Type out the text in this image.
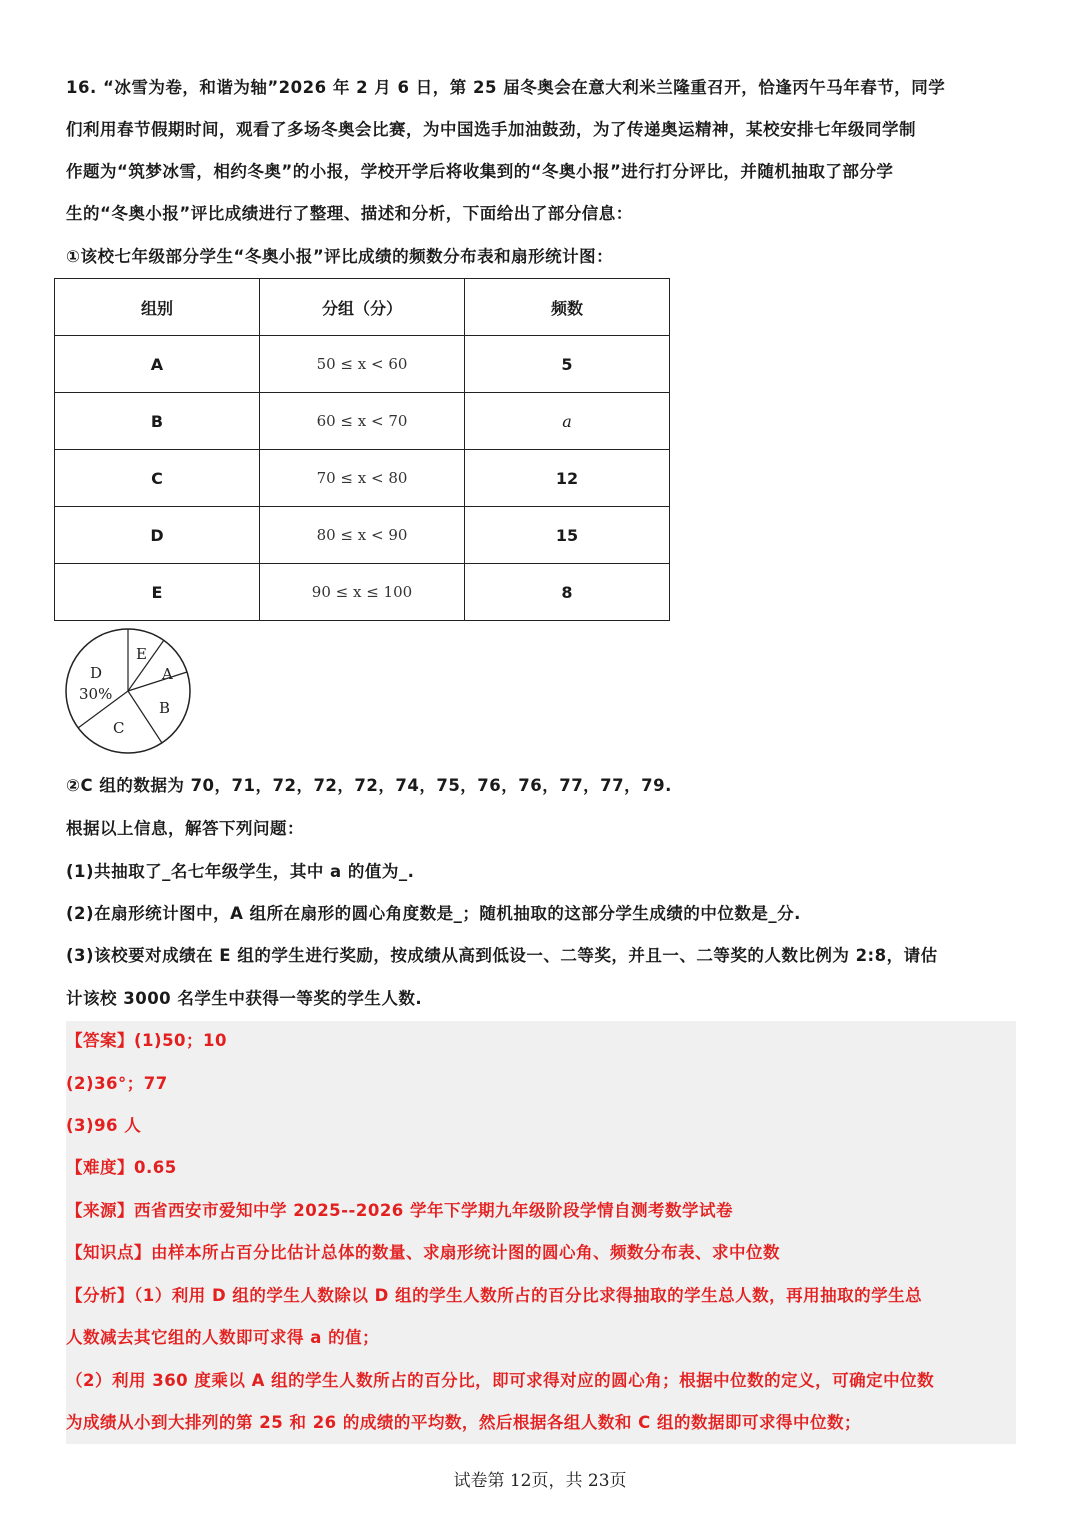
16. “冰雪为卷，和谐为轴”2026 年 2 月 6 日，第 25 届冬奥会在意大利米兰隆重召开，恰逢丙午马年春节，同学
们利用春节假期时间，观看了多场冬奥会比赛，为中国选手加油鼓劲，为了传递奥运精神，某校安排七年级同学制
作题为“筑梦冰雪，相约冬奥”的小报，学校开学后将收集到的“冬奥小报”进行打分评比，并随机抽取了部分学
生的“冬奥小报”评比成绩进行了整理、描述和分析，下面给出了部分信息：
①该校七年级部分学生“冬奥小报”评比成绩的频数分布表和扇形统计图：
组别	分组（分）	频数
A	50 ≤ x < 60	5
B	60 ≤ x < 70	a
C	70 ≤ x < 80	12
D	80 ≤ x < 90	15
E	90 ≤ x ≤ 100	8
E
A
B
C
D
30%
②C 组的数据为 70，71，72，72，72，74，75，76，76，77，77，79.
根据以上信息，解答下列问题：
(1)共抽取了_名七年级学生，其中 a 的值为_.
(2)在扇形统计图中，A 组所在扇形的圆心角度数是_；随机抽取的这部分学生成绩的中位数是_分.
(3)该校要对成绩在 E 组的学生进行奖励，按成绩从高到低设一、二等奖，并且一、二等奖的人数比例为 2:8，请估
计该校 3000 名学生中获得一等奖的学生人数.
【答案】(1)50；10
(2)36°；77
(3)96 人
【难度】0.65
【来源】西省西安市爱知中学 2025--2026 学年下学期九年级阶段学情自测考数学试卷
【知识点】由样本所占百分比估计总体的数量、求扇形统计图的圆心角、频数分布表、求中位数
【分析】（1）利用 D 组的学生人数除以 D 组的学生人数所占的百分比求得抽取的学生总人数，再用抽取的学生总
人数减去其它组的人数即可求得 a 的值；
（2）利用 360 度乘以 A 组的学生人数所占的百分比，即可求得对应的圆心角；根据中位数的定义，可确定中位数
为成绩从小到大排列的第 25 和 26 的成绩的平均数，然后根据各组人数和 C 组的数据即可求得中位数；
试卷第 12页，共 23页
